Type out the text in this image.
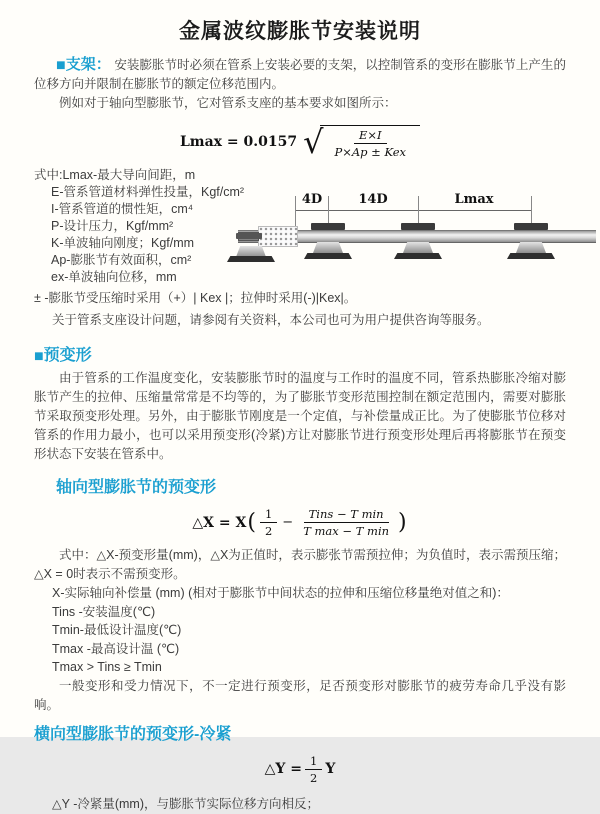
金属波纹膨胀节安装说明

■支架： 安装膨胀节时必须在管系上安装必要的支架，以控制管系的变形在膨胀节上产生的位移方向并限制在膨胀节的额定位移范围内。

例如对于轴向型膨胀节，它对管系支座的基本要求如图所示：

Lmax = 0.0157 √ $\frac{E\times I}{\text{P×Ap ± Kex}}$
式中:Lmax-最大导向间距，m
E-管系管道材料弹性投量，Kgf/cm²
I-管系管道的惯性矩，cm⁴
P-设计压力，Kgf/mm²
K-单波轴向刚度；Kgf/mm
Ap-膨胀节有效面积，cm²
ex-单波轴向位移，mm
± -膨胀节受压缩时采用（+）| Kex |；拉伸时采用(-)|Kex|。
关于管系支座设计问题，请参阅有关资料，本公司也可为用户提供咨询等服务。
4D	14D	Lmax
■预变形

由于管系的工作温度变化，安装膨胀节时的温度与工作时的温度不同，管系热膨胀冷缩对膨胀节产生的拉伸、压缩量常常是不均等的，为了膨胀节变形范围控制在额定范围内，需要对膨胀节采取预变形处理。另外，由于膨胀节刚度是一个定值，与补偿量成正比。为了使膨胀节位移对管系的作用力最小，也可以采用预变形(冷紧)方让对膨胀节进行预变形处理后再将膨胀节在预变形状态下安装在管系中。

轴向型膨胀节的预变形
△X = X ( $\frac{1}{2} - \frac{\text{Tins − T min}}{\text{T max − T min}}$ )

式中：△X-预变形量(mm)，△X为正值时，表示膨张节需预拉伸；为负值时，表示需预压缩；△X = 0时表示不需预变形。

X-实际轴向补偿量 (mm) (相对于膨胀节中间状态的拉伸和压缩位移量绝对值之和)：
Tins -安装温度(℃)
Tmin-最低设计温度(℃)
Tmax -最高设计温 (℃)
Tmax > Tins ≥ Tmin

一般变形和受力情况下，不一定进行预变形，足否预变形对膨胀节的疲劳寿命几乎没有影响。

横向型膨胀节的预变形-冷紧
△Y = $\frac{1}{2}$ Y
△Y -冷紧量(mm)，与膨胀节实际位移方向相反；
